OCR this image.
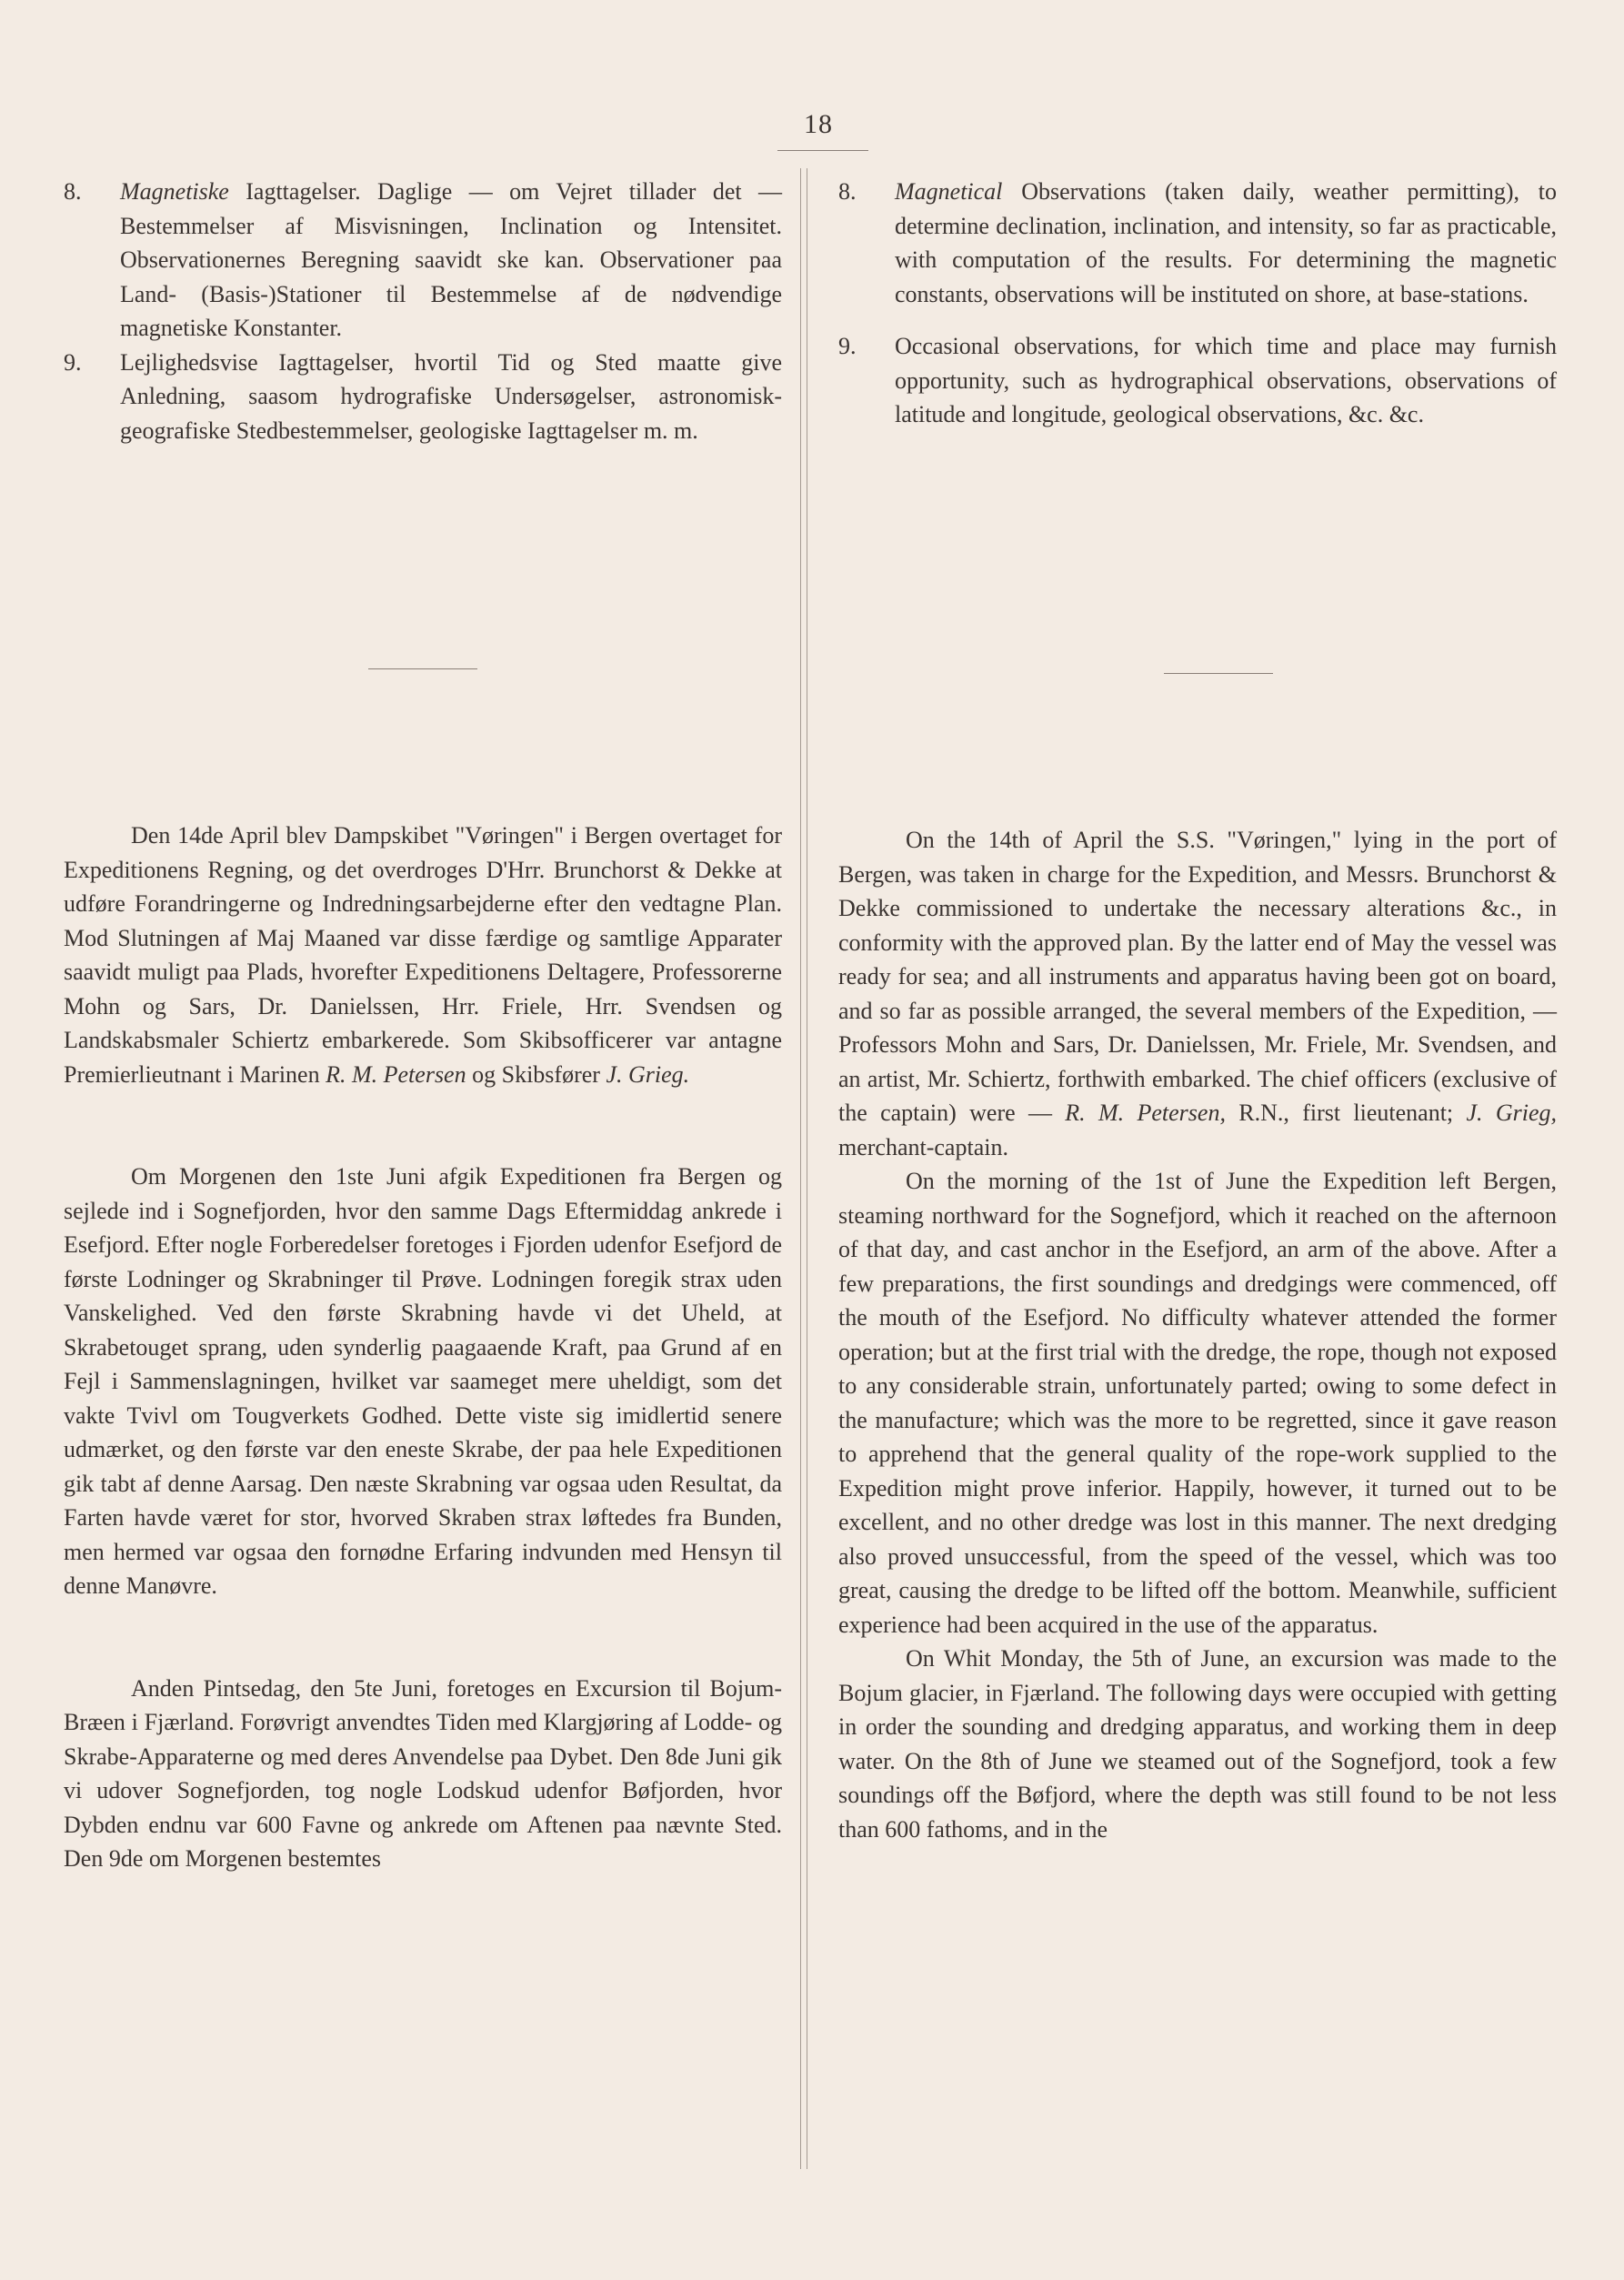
18
8.	Magnetiske Iagttagelser. Daglige — om Vejret tillader det — Bestemmelser af Misvisningen, Inclination og Intensitet. Observationernes Beregning saavidt ske kan. Observationer paa Land- (Basis-)Stationer til Bestemmelse af de nødvendige magnetiske Konstanter.
9.	Lejlighedsvise Iagttagelser, hvortil Tid og Sted maatte give Anledning, saasom hydrografiske Undersøgelser, astronomisk-geografiske Stedbestemmelser, geologiske Iagttagelser m. m.

Den 14de April blev Dampskibet "Vøringen" i Bergen overtaget for Expeditionens Regning, og det overdroges D'Hrr. Brunchorst & Dekke at udføre Forandringerne og Indredningsarbejderne efter den vedtagne Plan. Mod Slutningen af Maj Maaned var disse færdige og samtlige Apparater saavidt muligt paa Plads, hvorefter Expeditionens Deltagere, Professorerne Mohn og Sars, Dr. Danielssen, Hrr. Friele, Hrr. Svendsen og Landskabsmaler Schiertz embarkerede. Som Skibsofficerer var antagne Premierlieutnant i Marinen R. M. Petersen og Skibsfører J. Grieg.

Om Morgenen den 1ste Juni afgik Expeditionen fra Bergen og sejlede ind i Sognefjorden, hvor den samme Dags Eftermiddag ankrede i Esefjord. Efter nogle Forberedelser foretoges i Fjorden udenfor Esefjord de første Lodninger og Skrabninger til Prøve. Lodningen foregik strax uden Vanskelighed. Ved den første Skrabning havde vi det Uheld, at Skrabetouget sprang, uden synderlig paagaaende Kraft, paa Grund af en Fejl i Sammenslagningen, hvilket var saameget mere uheldigt, som det vakte Tvivl om Tougverkets Godhed. Dette viste sig imidlertid senere udmærket, og den første var den eneste Skrabe, der paa hele Expeditionen gik tabt af denne Aarsag. Den næste Skrabning var ogsaa uden Resultat, da Farten havde været for stor, hvorved Skraben strax løftedes fra Bunden, men hermed var ogsaa den fornødne Erfaring indvunden med Hensyn til denne Manøvre.

Anden Pintsedag, den 5te Juni, foretoges en Excursion til Bojum-Bræen i Fjærland. Forøvrigt anvendtes Tiden med Klargjøring af Lodde- og Skrabe-Apparaterne og med deres Anvendelse paa Dybet. Den 8de Juni gik vi udover Sognefjorden, tog nogle Lodskud udenfor Bøfjorden, hvor Dybden endnu var 600 Favne og ankrede om Aftenen paa nævnte Sted. Den 9de om Morgenen bestemtes

8.	Magnetical Observations (taken daily, weather permitting), to determine declination, inclination, and intensity, so far as practicable, with computation of the results. For determining the magnetic constants, observations will be instituted on shore, at base-stations.
9.	Occasional observations, for which time and place may furnish opportunity, such as hydrographical observations, observations of latitude and longitude, geological observations, &c. &c.

On the 14th of April the S.S. "Vøringen," lying in the port of Bergen, was taken in charge for the Expedition, and Messrs. Brunchorst & Dekke commissioned to undertake the necessary alterations &c., in conformity with the approved plan. By the latter end of May the vessel was ready for sea; and all instruments and apparatus having been got on board, and so far as possible arranged, the several members of the Expedition, — Professors Mohn and Sars, Dr. Danielssen, Mr. Friele, Mr. Svendsen, and an artist, Mr. Schiertz, forthwith embarked. The chief officers (exclusive of the captain) were — R. M. Petersen, R.N., first lieutenant; J. Grieg, merchant-captain.

On the morning of the 1st of June the Expedition left Bergen, steaming northward for the Sognefjord, which it reached on the afternoon of that day, and cast anchor in the Esefjord, an arm of the above. After a few preparations, the first soundings and dredgings were commenced, off the mouth of the Esefjord. No difficulty whatever attended the former operation; but at the first trial with the dredge, the rope, though not exposed to any considerable strain, unfortunately parted; owing to some defect in the manufacture; which was the more to be regretted, since it gave reason to apprehend that the general quality of the rope-work supplied to the Expedition might prove inferior. Happily, however, it turned out to be excellent, and no other dredge was lost in this manner. The next dredging also proved unsuccessful, from the speed of the vessel, which was too great, causing the dredge to be lifted off the bottom. Meanwhile, sufficient experience had been acquired in the use of the apparatus.

On Whit Monday, the 5th of June, an excursion was made to the Bojum glacier, in Fjærland. The following days were occupied with getting in order the sounding and dredging apparatus, and working them in deep water. On the 8th of June we steamed out of the Sognefjord, took a few soundings off the Bøfjord, where the depth was still found to be not less than 600 fathoms, and in the
